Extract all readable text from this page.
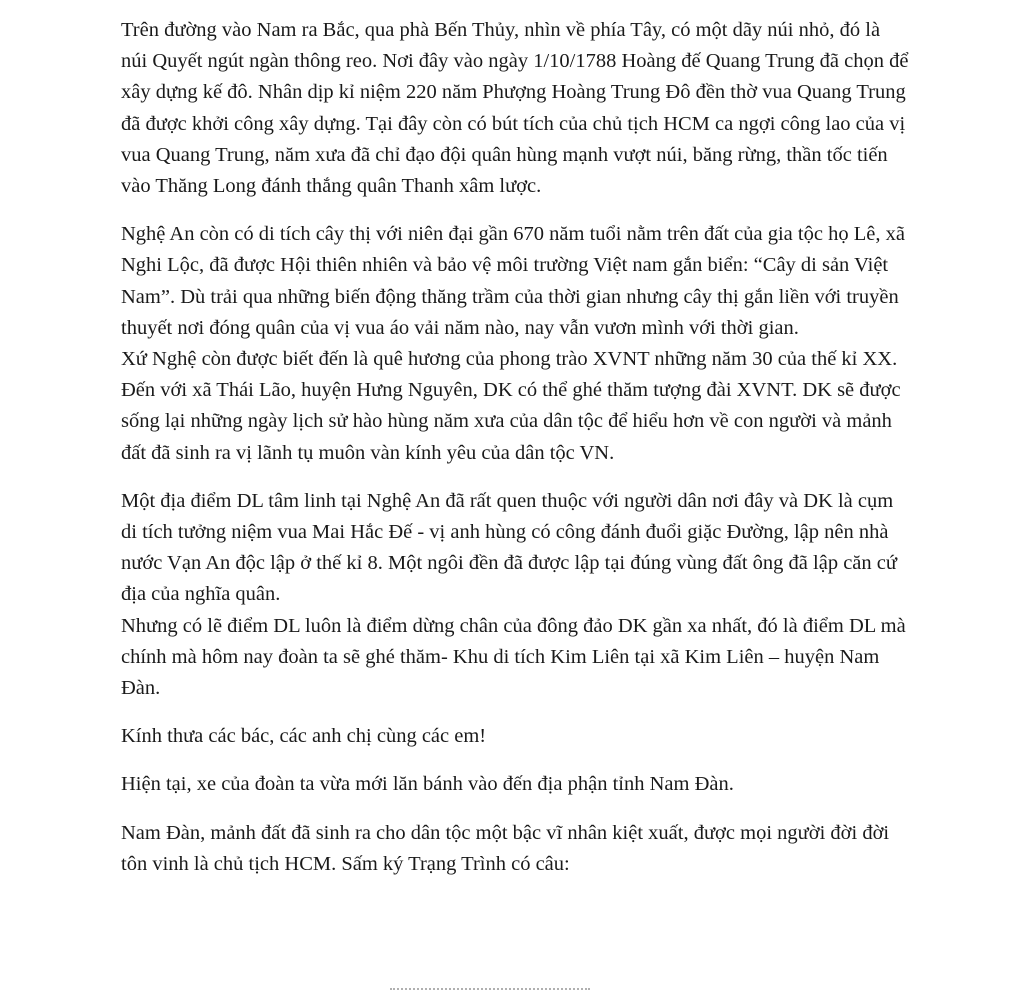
Trên đường vào Nam ra Bắc, qua phà Bến Thủy, nhìn về phía Tây, có một dãy núi nhỏ, đó là núi Quyết ngút ngàn thông reo. Nơi đây vào ngày 1/10/1788 Hoàng đế Quang Trung đã chọn để xây dựng kế đô. Nhân dịp kỉ niệm 220 năm Phượng Hoàng Trung Đô đền thờ vua Quang Trung đã được khởi công xây dựng. Tại đây còn có bút tích của chủ tịch HCM ca ngợi công lao của vị vua Quang Trung, năm xưa đã chỉ đạo đội quân hùng mạnh vượt núi, băng rừng, thần tốc tiến vào Thăng Long đánh thắng quân Thanh xâm lược.

Nghệ An còn có di tích cây thị với niên đại gần 670 năm tuổi nằm trên đất của gia tộc họ Lê, xã Nghi Lộc, đã được Hội thiên nhiên và bảo vệ môi trường Việt nam gắn biển: “Cây di sản Việt Nam”. Dù trải qua những biến động thăng trầm của thời gian nhưng cây thị gắn liền với truyền thuyết nơi đóng quân của vị vua áo vải năm nào, nay vẫn vươn mình với thời gian.

Xứ Nghệ còn được biết đến là quê hương của phong trào XVNT những năm 30 của thế kỉ XX. Đến với xã Thái Lão, huyện Hưng Nguyên, DK có thể ghé thăm tượng đài XVNT. DK sẽ được sống lại những ngày lịch sử hào hùng năm xưa của dân tộc để hiểu hơn về con người và mảnh đất đã sinh ra vị lãnh tụ muôn vàn kính yêu của dân tộc VN.

Một địa điểm DL tâm linh tại Nghệ An đã rất quen thuộc với người dân nơi đây và DK là cụm di tích tưởng niệm vua Mai Hắc Đế - vị anh hùng có công đánh đuổi giặc Đường, lập nên nhà nước Vạn An độc lập ở thế kỉ 8. Một ngôi đền đã được lập tại đúng vùng đất ông đã lập căn cứ địa của nghĩa quân.

Nhưng có lẽ điểm DL luôn là điểm dừng chân của đông đảo DK gần xa nhất, đó là điểm DL mà chính mà hôm nay đoàn ta sẽ ghé thăm- Khu di tích Kim Liên tại xã Kim Liên – huyện Nam Đàn.

Kính thưa các bác, các anh chị cùng các em!

Hiện tại, xe của đoàn ta vừa mới lăn bánh vào đến địa phận tỉnh Nam Đàn.

Nam Đàn, mảnh đất đã sinh ra cho dân tộc một bậc vĩ nhân kiệt xuất, được mọi người đời đời tôn vinh là chủ tịch HCM. Sấm ký Trạng Trình có câu:
